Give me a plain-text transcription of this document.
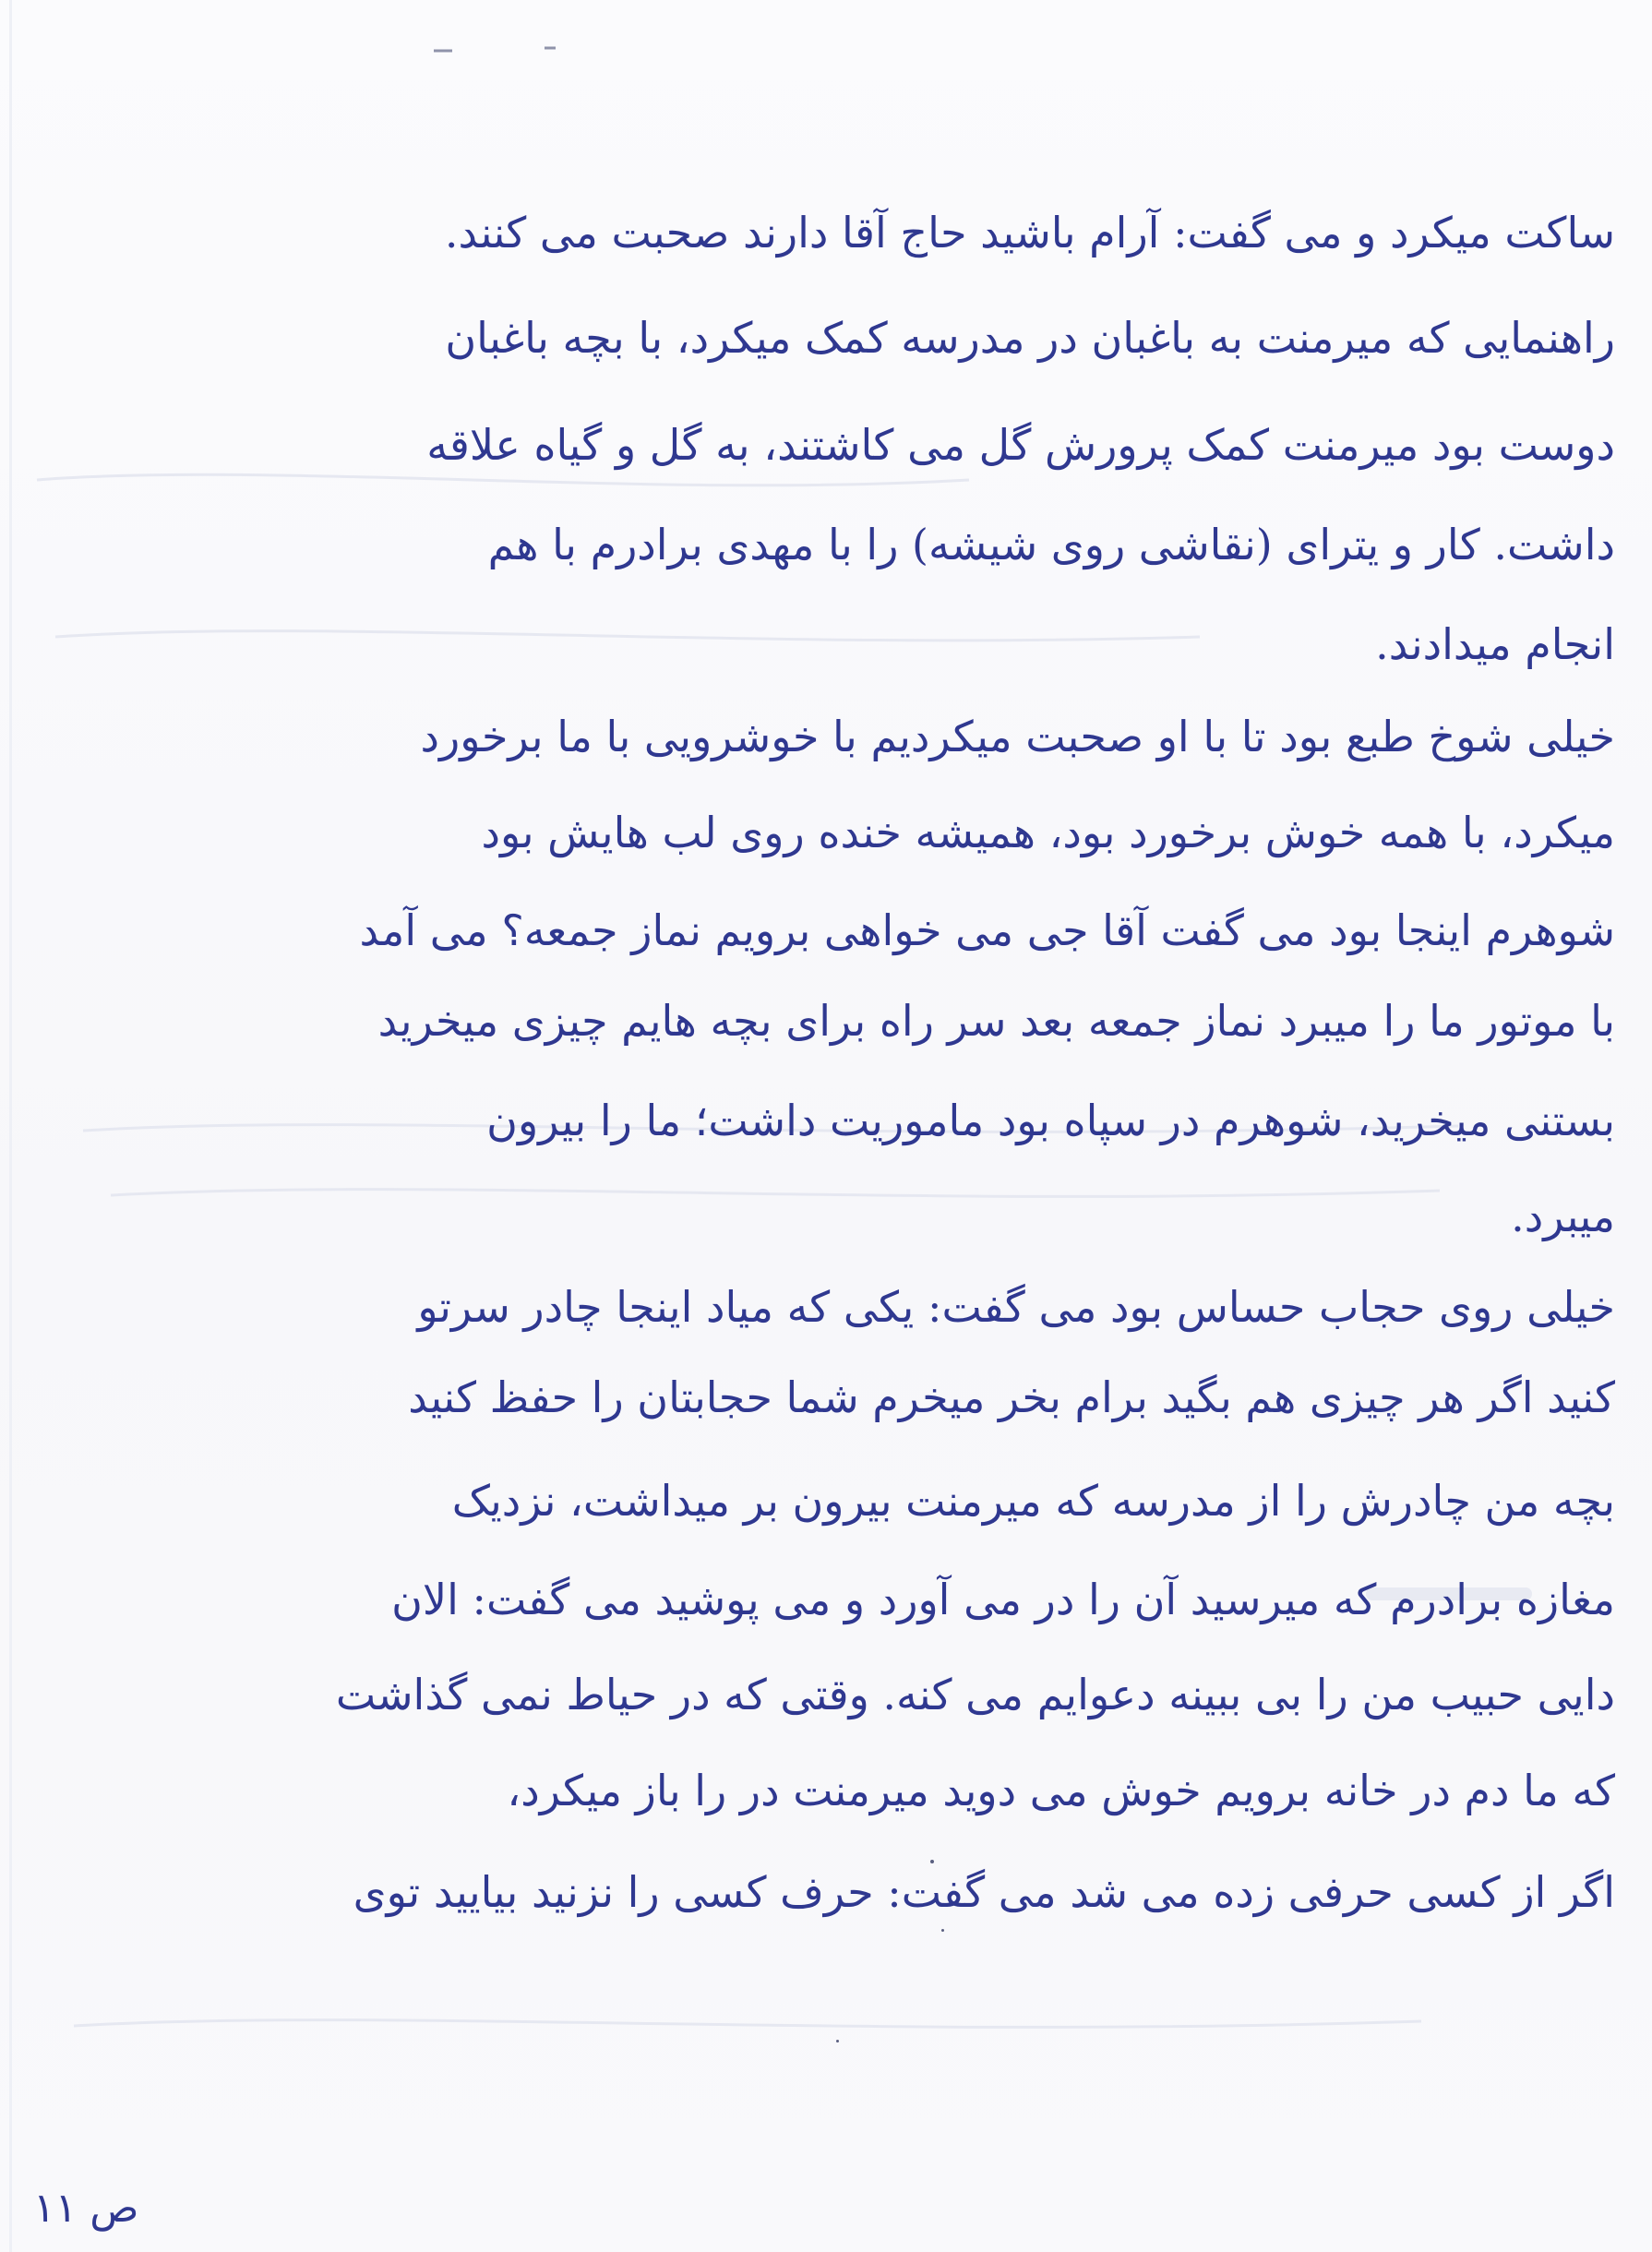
ساکت میکرد و می گفت: آرام باشید حاج آقا دارند صحبت می کنند.

راهنمایی که میرمنت به باغبان در مدرسه کمک میکرد، با بچه باغبان

دوست بود میرمنت کمک پرورش گل می کاشتند، به گل و گیاه علاقه

داشت. کار و یترای (نقاشی روی شیشه) را با مهدی برادرم با هم

انجام میدادند.

خیلی شوخ طبع بود تا با او صحبت میکردیم با خوشرویی با ما برخورد

میکرد، با همه خوش برخورد بود، همیشه خنده روی لب هایش بود

شوهرم اینجا بود می گفت آقا جی می خواهی برویم نماز جمعه؟ می آمد

با موتور ما را میبرد نماز جمعه بعد سر راه برای بچه هایم چیزی میخرید

بستنی میخرید، شوهرم در سپاه بود ماموریت داشت؛ ما را بیرون

میبرد.

خیلی روی حجاب حساس بود می گفت: یکی که میاد اینجا چادر سرتو

کنید اگر هر چیزی هم بگید برام بخر میخرم شما حجابتان را حفظ کنید

بچه من چادرش را از مدرسه که میرمنت بیرون بر میداشت، نزدیک

مغازه برادرم که میرسید آن را در می آورد و می پوشید می گفت: الان

دایی حبیب من را بی ببینه دعوایم می کنه. وقتی که در حیاط نمی گذاشت

که ما دم در خانه برویم خوش می دوید میرمنت در را باز میکرد،

اگر از کسی حرفی زده می شد می گفت: حرف کسی را نزنید بیایید توی

ص ۱۱
